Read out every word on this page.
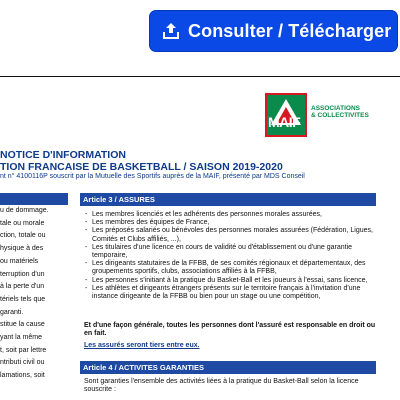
Consulter / Télécharger
MAIF
ASSOCIATIONS
& COLLECTIVITES
NOTICE D'INFORMATION
TION FRANCAISE DE BASKETBALL / SAISON 2019-2020
nt n° 4100116P souscrit par la Mutuelle des Sportifs auprès de la MAIF, présenté par MDS Conseil

u de dommage.

tale ou morale

ction, totale ou

hysique à des

ou matériels

terruption d'un

à la perte d'un

tériels tels que

garanti.

stitue la cause

yant la même

t, soit par lettre

ntributi civil ou

lamations, soit

Article 3 / ASSURES
- Les membres licenciés et les adhérents des personnes morales assurées,
- Les membres des équipes de France,
- Les préposés salariés ou bénévoles des personnes morales assurées (Fédération, Ligues, Comités et Clubs affiliés, ...),
- Les titulaires d'une licence en cours de validité ou d'établissement ou d'une garantie temporaire,
- Les dirigeants statutaires de la FFBB, de ses comités régionaux et départementaux, des groupements sportifs, clubs, associations affiliés à la FFBB,
- Les personnes s'initiant à la pratique du Basket-Ball et les joueurs à l'essai, sans licence,
- Les athlètes et dirigeants étrangers présents sur le territoire français à l'invitation d'une instance dirigeante de la FFBB ou bien pour un stage ou une compétition,
Et d'une façon générale, toutes les personnes dont l'assuré est responsable en droit ou en fait.
Les assurés seront tiers entre eux.
Article 4 / ACTIVITES GARANTIES
Sont garanties l'ensemble des activités liées à la pratique du Basket-Ball selon la licence souscrite :
